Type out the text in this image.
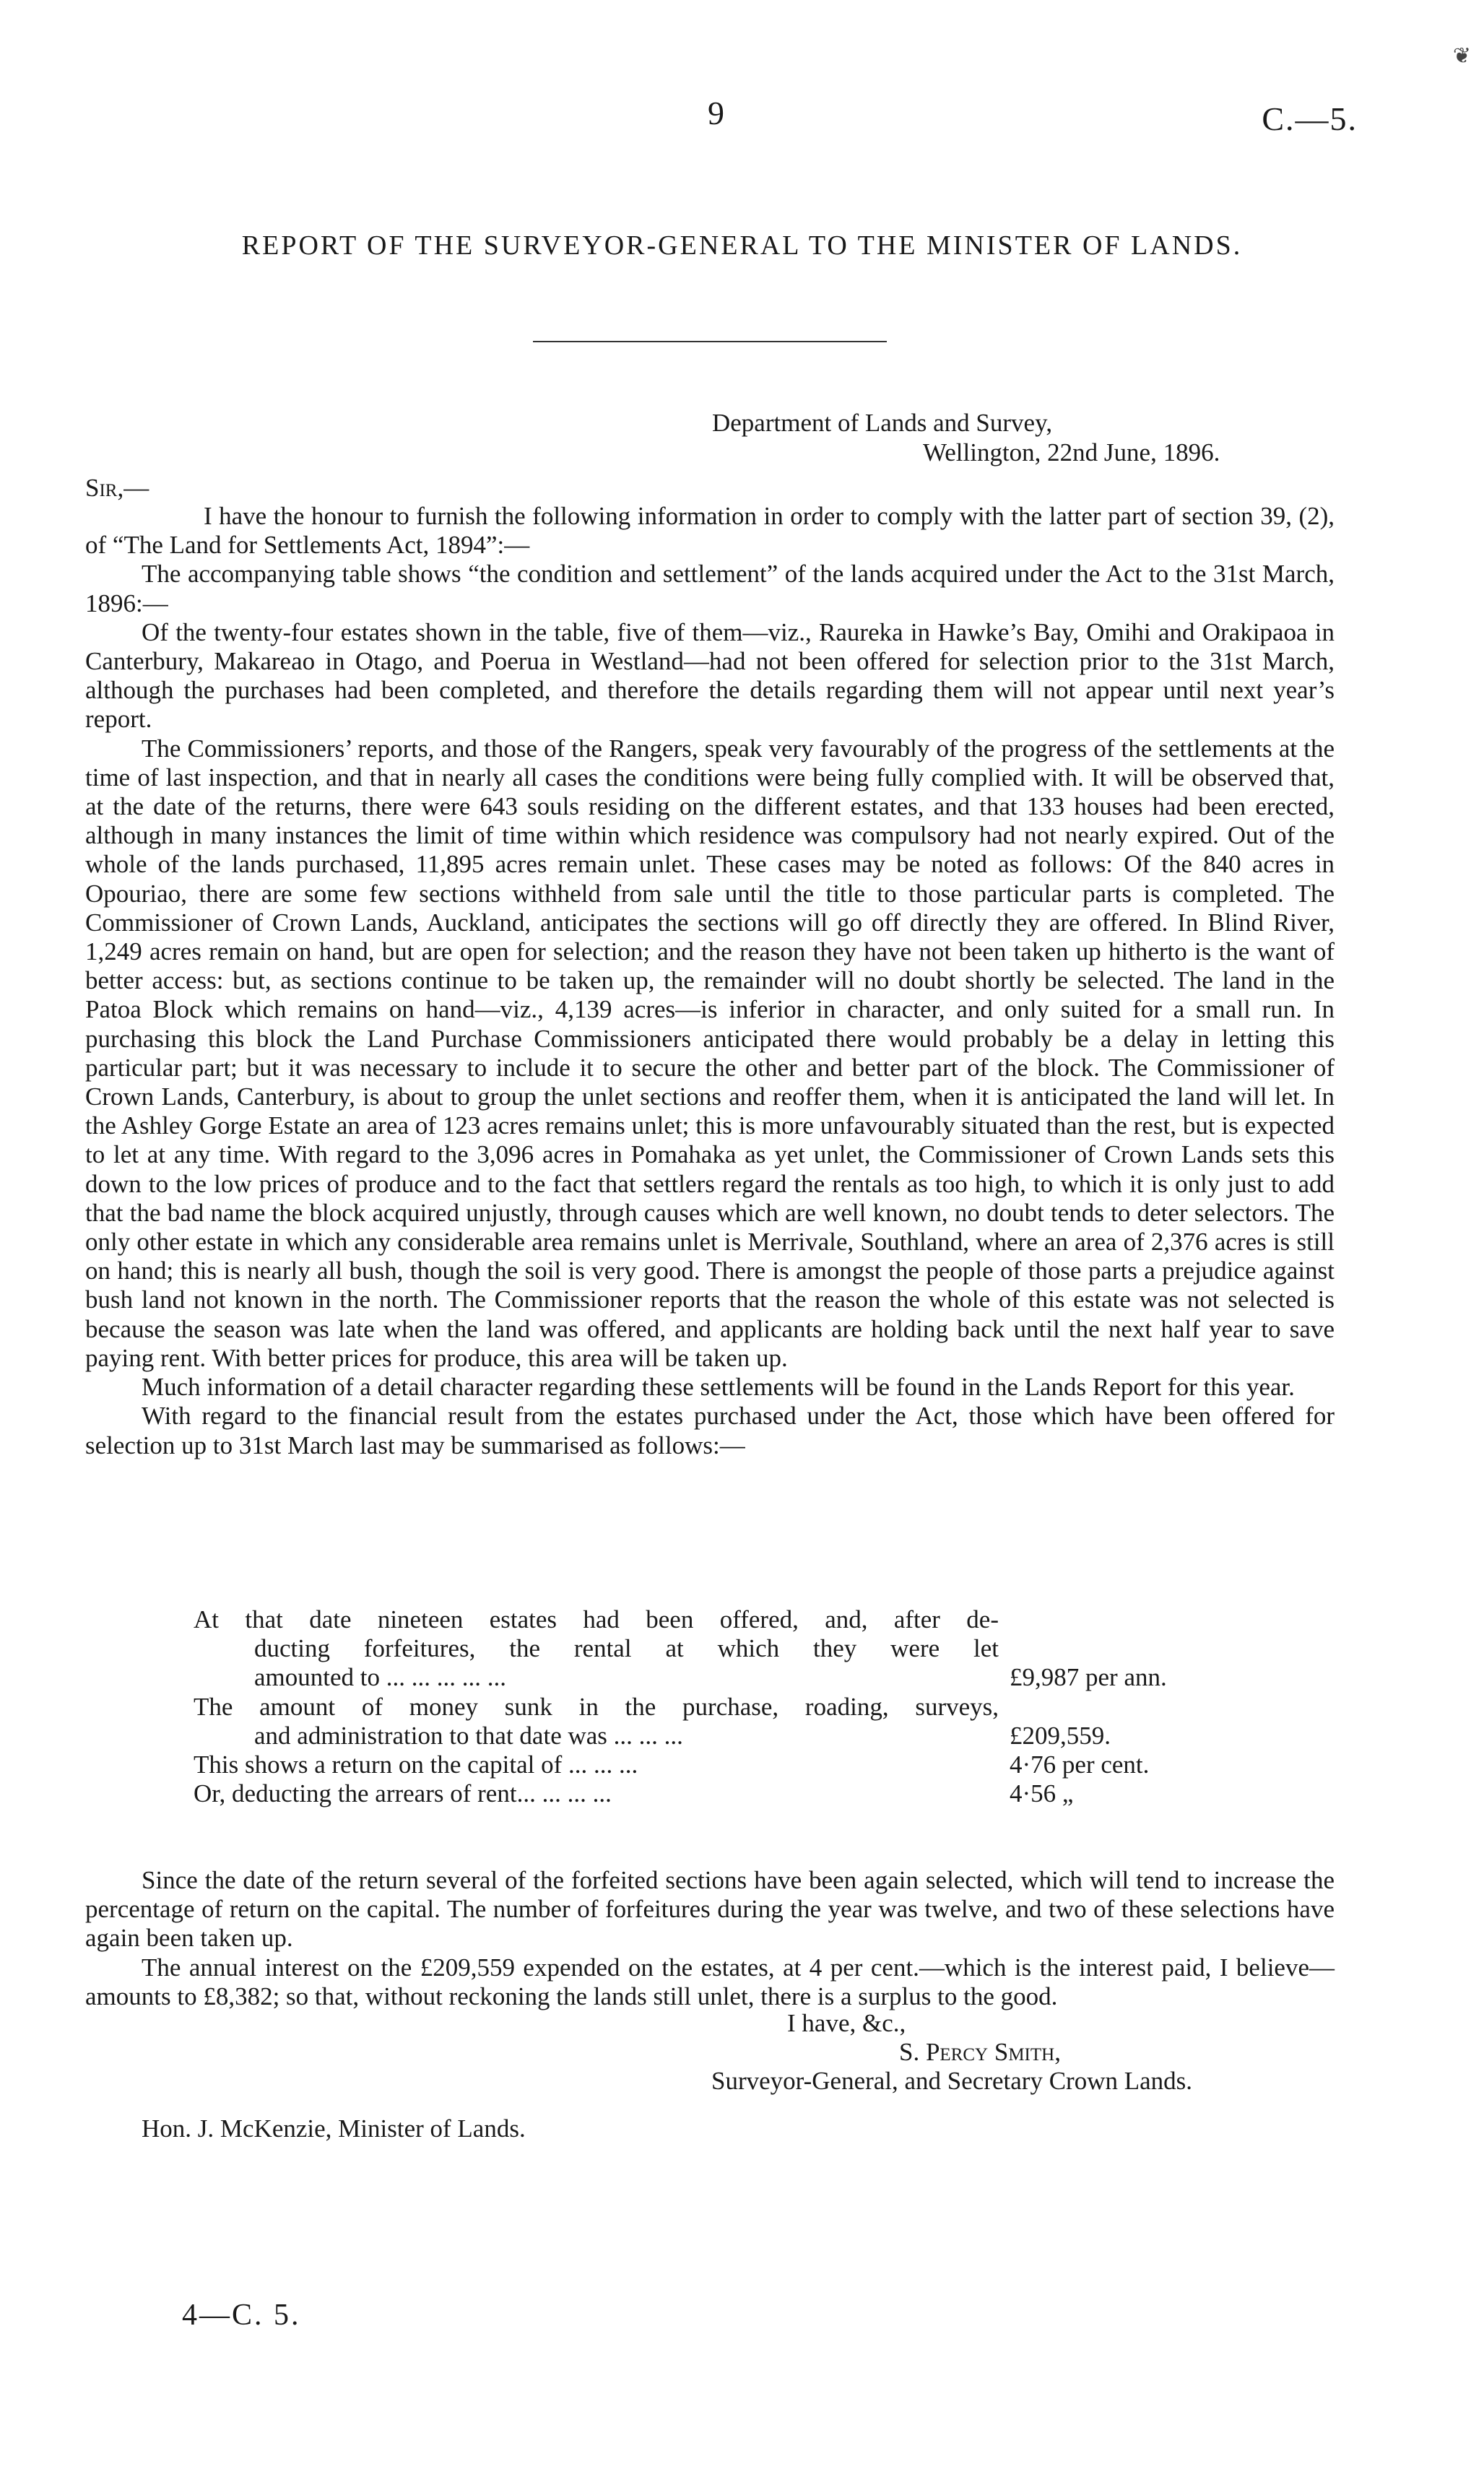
9	C.—5.
❦
REPORT OF THE SURVEYOR-GENERAL TO THE MINISTER OF LANDS.
Department of Lands and Survey,
Wellington, 22nd June, 1896.
Sir,—

I have the honour to furnish the following information in order to comply with the latter part of section 39, (2), of “The Land for Settlements Act, 1894”:—

The accompanying table shows “the condition and settlement” of the lands acquired under the Act to the 31st March, 1896:—

Of the twenty-four estates shown in the table, five of them—viz., Raureka in Hawke’s Bay, Omihi and Orakipaoa in Canterbury, Makareao in Otago, and Poerua in Westland—had not been offered for selection prior to the 31st March, although the purchases had been completed, and therefore the details regarding them will not appear until next year’s report.

The Commissioners’ reports, and those of the Rangers, speak very favourably of the progress of the settlements at the time of last inspection, and that in nearly all cases the conditions were being fully complied with. It will be observed that, at the date of the returns, there were 643 souls residing on the different estates, and that 133 houses had been erected, although in many instances the limit of time within which residence was compulsory had not nearly expired. Out of the whole of the lands purchased, 11,895 acres remain unlet. These cases may be noted as follows: Of the 840 acres in Opouriao, there are some few sections withheld from sale until the title to those particular parts is completed. The Commissioner of Crown Lands, Auckland, anticipates the sections will go off directly they are offered. In Blind River, 1,249 acres remain on hand, but are open for selection; and the reason they have not been taken up hitherto is the want of better access: but, as sections continue to be taken up, the remainder will no doubt shortly be selected. The land in the Patoa Block which remains on hand—viz., 4,139 acres—is inferior in character, and only suited for a small run. In purchasing this block the Land Purchase Commissioners anticipated there would probably be a delay in letting this particular part; but it was necessary to include it to secure the other and better part of the block. The Commissioner of Crown Lands, Canterbury, is about to group the unlet sections and reoffer them, when it is anticipated the land will let. In the Ashley Gorge Estate an area of 123 acres remains unlet; this is more unfavourably situated than the rest, but is expected to let at any time. With regard to the 3,096 acres in Pomahaka as yet unlet, the Commissioner of Crown Lands sets this down to the low prices of produce and to the fact that settlers regard the rentals as too high, to which it is only just to add that the bad name the block acquired unjustly, through causes which are well known, no doubt tends to deter selectors. The only other estate in which any considerable area remains unlet is Merrivale, Southland, where an area of 2,376 acres is still on hand; this is nearly all bush, though the soil is very good. There is amongst the people of those parts a prejudice against bush land not known in the north. The Commissioner reports that the reason the whole of this estate was not selected is because the season was late when the land was offered, and applicants are holding back until the next half year to save paying rent. With better prices for produce, this area will be taken up.

Much information of a detail character regarding these settlements will be found in the Lands Report for this year.

With regard to the financial result from the estates purchased under the Act, those which have been offered for selection up to 31st March last may be summarised as follows:—

At that date nineteen estates had been offered, and, after de-
ducting forfeitures, the rental at which they were let
amounted to ... ... ... ... ...	£9,987 per ann.
The amount of money sunk in the purchase, roading, surveys,
and administration to that date was ... ... ...	£209,559.
This shows a return on the capital of ... ... ...	4·76 per cent.
Or, deducting the arrears of rent... ... ... ...	4·56 „

Since the date of the return several of the forfeited sections have been again selected, which will tend to increase the percentage of return on the capital. The number of forfeitures during the year was twelve, and two of these selections have again been taken up.

The annual interest on the £209,559 expended on the estates, at 4 per cent.—which is the interest paid, I believe—amounts to £8,382; so that, without reckoning the lands still unlet, there is a surplus to the good.

I have, &c.,
S. Percy Smith,
Surveyor-General, and Secretary Crown Lands.
Hon. J. McKenzie, Minister of Lands.
4—C. 5.
